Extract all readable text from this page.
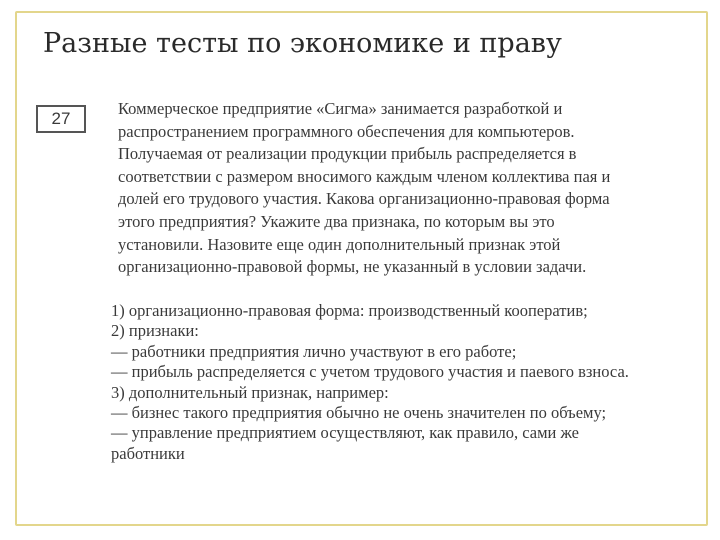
Разные тесты по экономике и праву
27
Коммерческое предприятие «Сигма» занимается разработкой и
распространением программного обеспечения для компьютеров.
Получаемая от реализации продукции прибыль распределяется в
соответствии с размером вносимого каждым членом коллектива пая и
долей его трудового участия. Какова организационно-правовая форма
этого предприятия? Укажите два признака, по которым вы это
установили. Назовите еще один дополнительный признак этой
организационно-правовой формы, не указанный в условии задачи.
1) организационно-правовая форма: производственный кооператив;
2) признаки:
— работники предприятия лично участвуют в его работе;
— прибыль распределяется с учетом трудового участия и паевого взноса.
3) дополнительный признак, например:
— бизнес такого предприятия обычно не очень значителен по объему;
— управление предприятием осуществляют, как правило, сами же
работники
